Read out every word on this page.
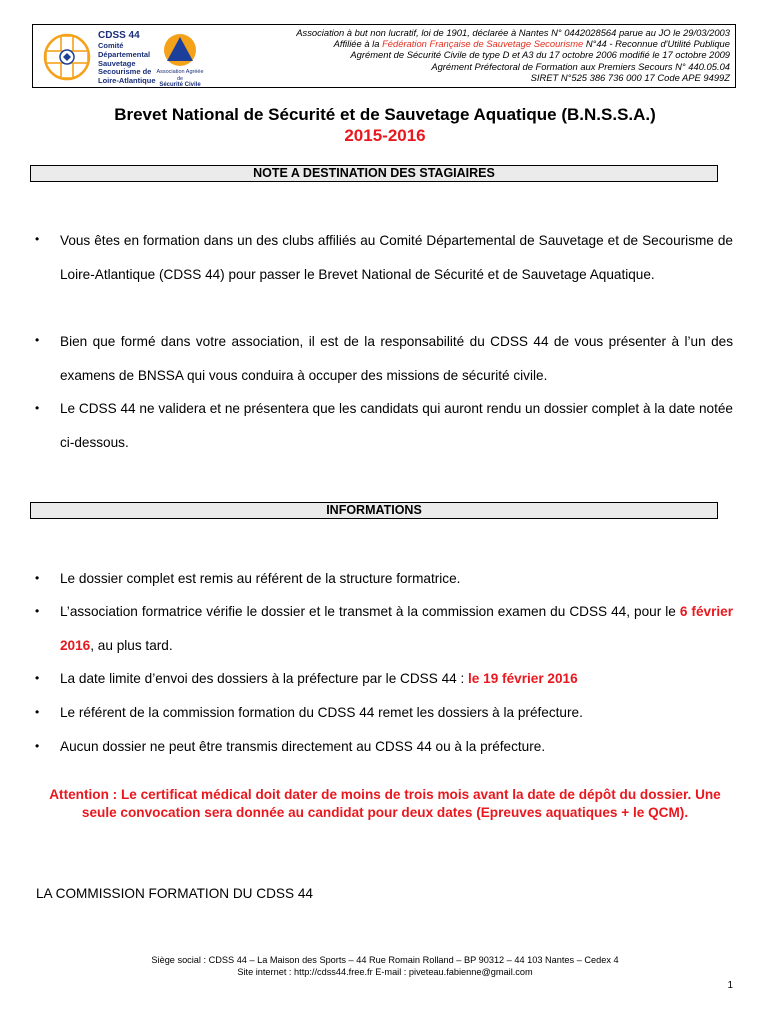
CDSS 44
Comité
Départemental
Sauvetage
Secourisme de
Loire-Atlantique
Association Agréée de
Sécurité Civile
Association à but non lucratif, loi de 1901, déclarée à Nantes N° 0442028564 parue au JO le 29/03/2003
Affiliée à la Fédération Française de Sauvetage Secourisme N°44 - Reconnue d'Utilité Publique
Agrément de Sécurité Civile de type D et A3 du 17 octobre 2006 modifié le 17 octobre 2009
Agrément Préfectoral de Formation aux Premiers Secours N° 440.05.04
SIRET N°525 386 736 000 17 Code APE 9499Z
Brevet National de Sécurité et de Sauvetage Aquatique (B.N.S.S.A.)
2015-2016
NOTE A DESTINATION DES STAGIAIRES
• Vous êtes en formation dans un des clubs affiliés au Comité Départemental de Sauvetage et de Secourisme de Loire-Atlantique (CDSS 44) pour passer le Brevet National de Sécurité et de Sauvetage Aquatique.
• Bien que formé dans votre association, il est de la responsabilité du CDSS 44 de vous présenter à l’un des examens de BNSSA qui vous conduira à occuper des missions de sécurité civile.
• Le CDSS 44 ne validera et ne présentera que les candidats qui auront rendu un dossier complet à la date notée ci-dessous.
INFORMATIONS
• Le dossier complet est remis au référent de la structure formatrice.
• L’association formatrice vérifie le dossier et le transmet à la commission examen du CDSS 44, pour le 6 février 2016, au plus tard.
• La date limite d’envoi des dossiers à la préfecture par le CDSS 44 : le 19 février 2016
• Le référent de la commission formation du CDSS 44 remet les dossiers à la préfecture.
• Aucun dossier ne peut être transmis directement au CDSS 44 ou à la préfecture.
Attention : Le certificat médical doit dater de moins de trois mois avant la date de dépôt du dossier. Une seule convocation sera donnée au candidat pour deux dates (Epreuves aquatiques + le QCM).
LA COMMISSION FORMATION DU CDSS 44
Siège social : CDSS 44 – La Maison des Sports – 44 Rue Romain Rolland – BP 90312 – 44 103 Nantes – Cedex 4
Site internet : http://cdss44.free.fr E-mail : piveteau.fabienne@gmail.com
1
